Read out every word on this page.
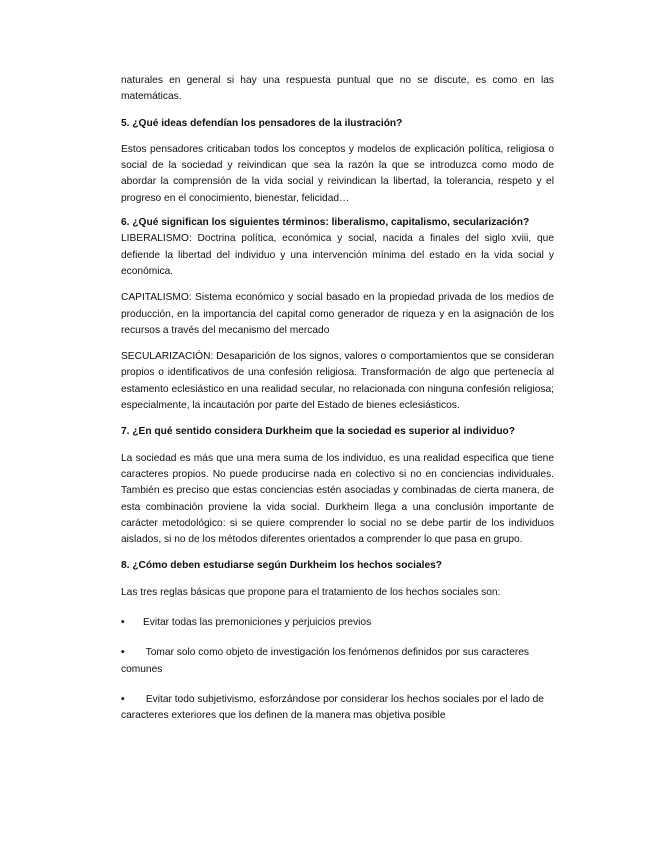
naturales en general si hay una respuesta puntual que no se discute, es como en las matemáticas.

5. ¿Qué ideas defendían los pensadores de la ilustración?

Estos pensadores criticaban todos los conceptos y modelos de explicación política, religiosa o social de la sociedad y reivindican que sea la razón la que se introduzca como modo de abordar la comprensión de la vida social y reivindican la libertad, la tolerancia, respeto y el progreso en el conocimiento, bienestar, felicidad…

6. ¿Qué significan los siguientes términos: liberalismo, capitalismo, secularización?

LIBERALISMO: Doctrina política, económica y social, nacida a finales del siglo xviii, que defiende la libertad del individuo y una intervención mínima del estado en la vida social y económica.

CAPITALISMO: Sistema económico y social basado en la propiedad privada de los medios de producción, en la importancia del capital como generador de riqueza y en la asignación de los recursos a través del mecanismo del mercado

SECULARIZACIÓN: Desaparición de los signos, valores o comportamientos que se consideran propios o identificativos de una confesión religiosa. Transformación de algo que pertenecía al estamento eclesiástico en una realidad secular, no relacionada con ninguna confesión religiosa; especialmente, la incautación por parte del Estado de bienes eclesiásticos.

7. ¿En qué sentido considera Durkheim que la sociedad es superior al individuo?

La sociedad es más que una mera suma de los individuo, es una realidad especifica que tiene caracteres propios. No puede producirse nada en colectivo si no en conciencias individuales. También es preciso que estas conciencias estén asociadas y combinadas de cierta manera, de esta combinación proviene la vida social. Durkheim llega a una conclusión importante de carácter metodológico: si se quiere comprender lo social no se debe partir de los individuos aislados, si no de los métodos diferentes orientados a comprender lo que pasa en grupo.

8. ¿Cómo deben estudiarse según Durkheim los hechos sociales?

Las tres reglas básicas que propone para el tratamiento de los hechos sociales son:

•	Evitar todas las premoniciones y perjuicios previos
• Tomar solo como objeto de investigación los fenómenos definidos por sus caracteres comunes
• Evitar todo subjetivismo, esforzándose por considerar los hechos sociales por el lado de caracteres exteriores que los definen de la manera mas objetiva posible
